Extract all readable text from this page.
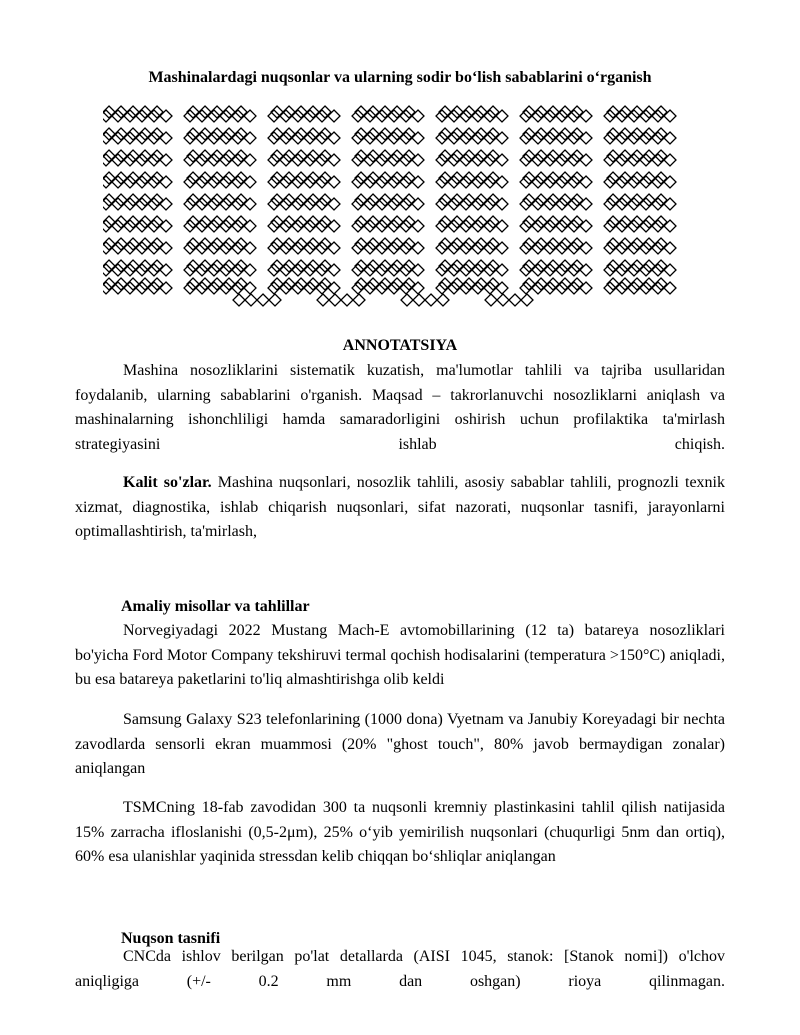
Mashinalardagi nuqsonlar va ularning sodir bo‘lish sabablarini o‘rganish
ANNOTATSIYA

Mashina nosozliklarini sistematik kuzatish, ma'lumotlar tahlili va tajriba usullaridan foydalanib, ularning sabablarini o'rganish. Maqsad – takrorlanuvchi nosozliklarni aniqlash va mashinalarning ishonchliligi hamda samaradorligini oshirish uchun profilaktika ta'mirlash strategiyasini ishlab chiqish.

Kalit so'zlar. Mashina nuqsonlari, nosozlik tahlili, asosiy sabablar tahlili, prognozli texnik xizmat, diagnostika, ishlab chiqarish nuqsonlari, sifat nazorati, nuqsonlar tasnifi, jarayonlarni optimallashtirish, ta'mirlash,

Amaliy misollar va tahlillar

Norvegiyadagi 2022 Mustang Mach-E avtomobillarining (12 ta) batareya nosozliklari bo'yicha Ford Motor Company tekshiruvi termal qochish hodisalarini (temperatura >150°C) aniqladi, bu esa batareya paketlarini to'liq almashtirishga olib keldi

Samsung Galaxy S23 telefonlarining (1000 dona) Vyetnam va Janubiy Koreyadagi bir nechta zavodlarda sensorli ekran muammosi (20% "ghost touch", 80% javob bermaydigan zonalar) aniqlangan

TSMCning 18-fab zavodidan 300 ta nuqsonli kremniy plastinkasini tahlil qilish natijasida 15% zarracha ifloslanishi (0,5-2μm), 25% o‘yib yemirilish nuqsonlari (chuqurligi 5nm dan ortiq), 60% esa ulanishlar yaqinida stressdan kelib chiqqan bo‘shliqlar aniqlangan

Nuqson tasnifi

CNCda ishlov berilgan po'lat detallarda (AISI 1045, stanok: [Stanok nomi]) o'lchov aniqligiga (+/- 0.2 mm dan oshgan) rioya qilinmagan.
